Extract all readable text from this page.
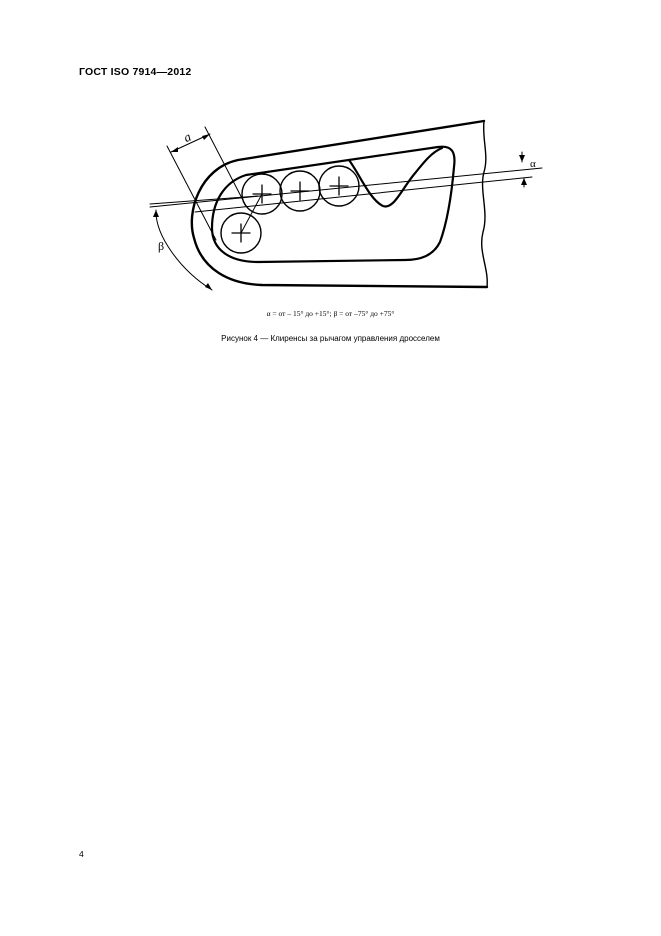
ГОСТ ISO 7914—2012
a
β
α
α = от – 15° до +15°; β = от –75° до +75°
Рисунок 4 — Клиренсы за рычагом управления дросселем
4
